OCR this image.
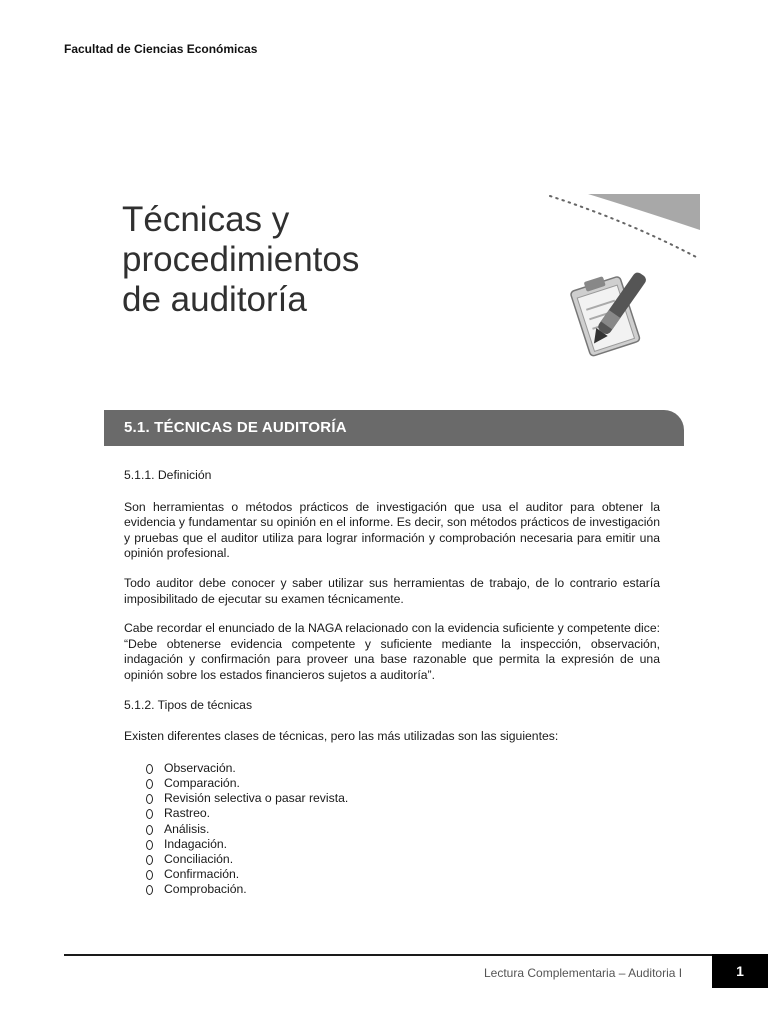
Facultad de Ciencias Económicas
Técnicas y
procedimientos
de auditoría
5.1. TÉCNICAS DE AUDITORÍA

5.1.1. Definición

Son herramientas o métodos prácticos de investigación que usa el auditor para obtener la evidencia y fundamentar su opinión en el informe. Es decir, son métodos prácticos de investigación y pruebas que el auditor utiliza para lograr información y comprobación necesaria para emitir una opinión profesional.

Todo auditor debe conocer y saber utilizar sus herramientas de trabajo, de lo contrario estaría imposibilitado de ejecutar su examen técnicamente.

Cabe recordar el enunciado de la NAGA relacionado con la evidencia suficiente y competente dice: “Debe obtenerse evidencia competente y suficiente mediante la inspección, observación, indagación y confirmación para proveer una base razonable que permita la expresión de una opinión sobre los estados financieros sujetos a auditoría”.

5.1.2. Tipos de técnicas

Existen diferentes clases de técnicas, pero las más utilizadas son las siguientes:

Observación.
Comparación.
Revisión selectiva o pasar revista.
Rastreo.
Análisis.
Indagación.
Conciliación.
Confirmación.
Comprobación.
Lectura Complementaria – Auditoria I	1
